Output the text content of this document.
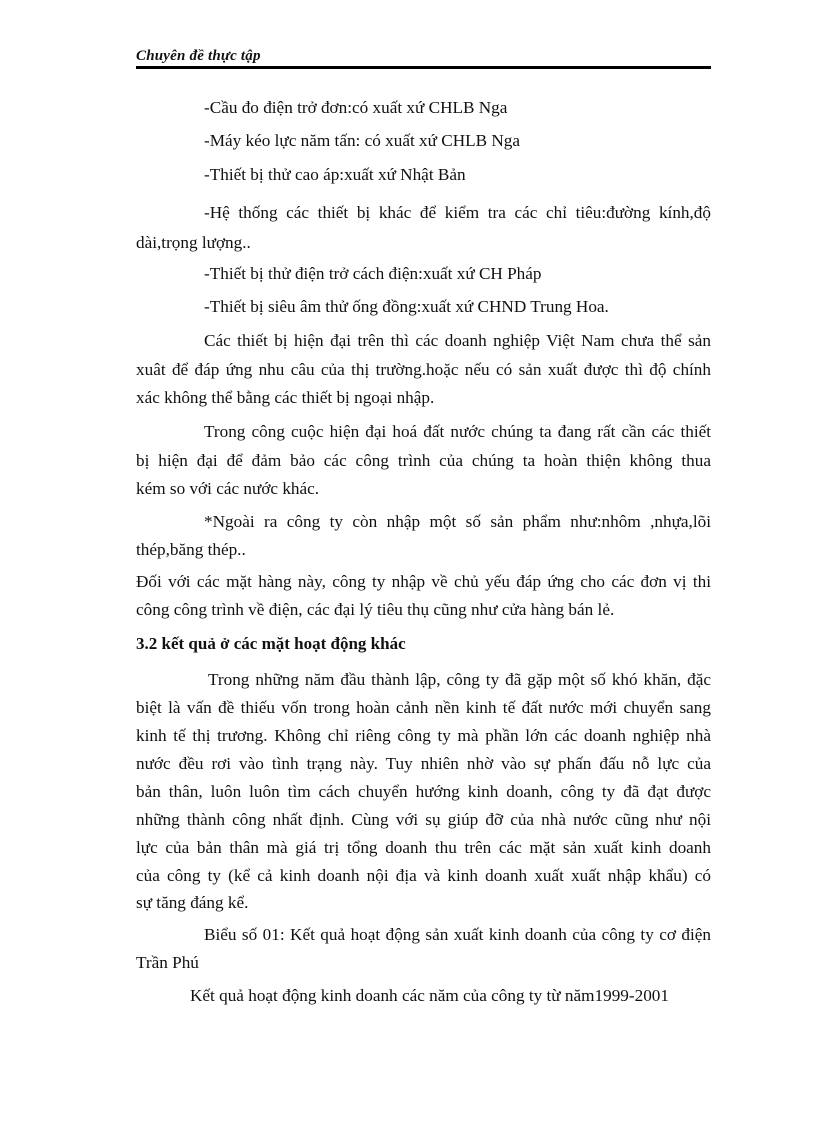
Chuyên đề thực tập
-Cầu đo điện trở đơn:có xuất xứ CHLB Nga
-Máy kéo lực năm tấn: có xuất xứ CHLB Nga
-Thiết bị thử cao áp:xuất xứ Nhật Bản
-Hệ thống các thiết bị khác để kiểm tra các chỉ tiêu:đường kính,độ
dài,trọng lượng..
-Thiết bị thử điện trở cách điện:xuất xứ CH Pháp
-Thiết bị siêu âm thử ống đồng:xuất xứ CHND Trung Hoa.
Các thiết bị hiện đại trên thì các doanh nghiệp Việt Nam chưa thể sản
xuât để đáp ứng nhu câu của thị trường.hoặc nếu có sản xuất được thì độ chính
xác không thể bằng các thiết bị ngoại nhập.
Trong công cuộc hiện đại hoá đất nước chúng ta đang rất cần các thiết
bị hiện đại để đảm bảo các công trình của chúng ta hoàn thiện không thua
kém so với các nước khác.
*Ngoài ra công ty còn nhập một số sản phẩm như:nhôm ,nhựa,lõi
thép,băng thép..
Đối với các mặt hàng này, công ty nhập về chủ yếu đáp ứng cho các đơn vị thi
công công trình về điện, các đại lý tiêu thụ cũng như cửa hàng bán lẻ.
3.2 kết quả ở các mặt hoạt động khác
Trong những năm đầu thành lập, công ty đã gặp một số khó khăn, đặc
biệt là vấn đề thiếu vốn trong hoàn cảnh nền kinh tế đất nước mới chuyển sang
kinh tế thị trương. Không chỉ riêng công ty mà phần lớn các doanh nghiệp nhà
nước đều rơi vào tình trạng này. Tuy nhiên nhờ vào sự phấn đấu nỗ lực của
bản thân, luôn luôn tìm cách chuyển hướng kinh doanh, công ty đã đạt được
những thành công nhất định. Cùng với sụ giúp đỡ của nhà nước cũng như nội
lực của bản thân mà giá trị tổng doanh thu trên các mặt sản xuất kinh doanh
của công ty (kể cả kinh doanh nội địa và kinh doanh xuất xuất nhập khẩu) có
sự tăng đáng kể.
Biểu số 01: Kết quả hoạt động sản xuất kinh doanh của công ty cơ điện
Trần Phú
Kết quả hoạt động kinh doanh các năm của công ty từ năm1999-2001
